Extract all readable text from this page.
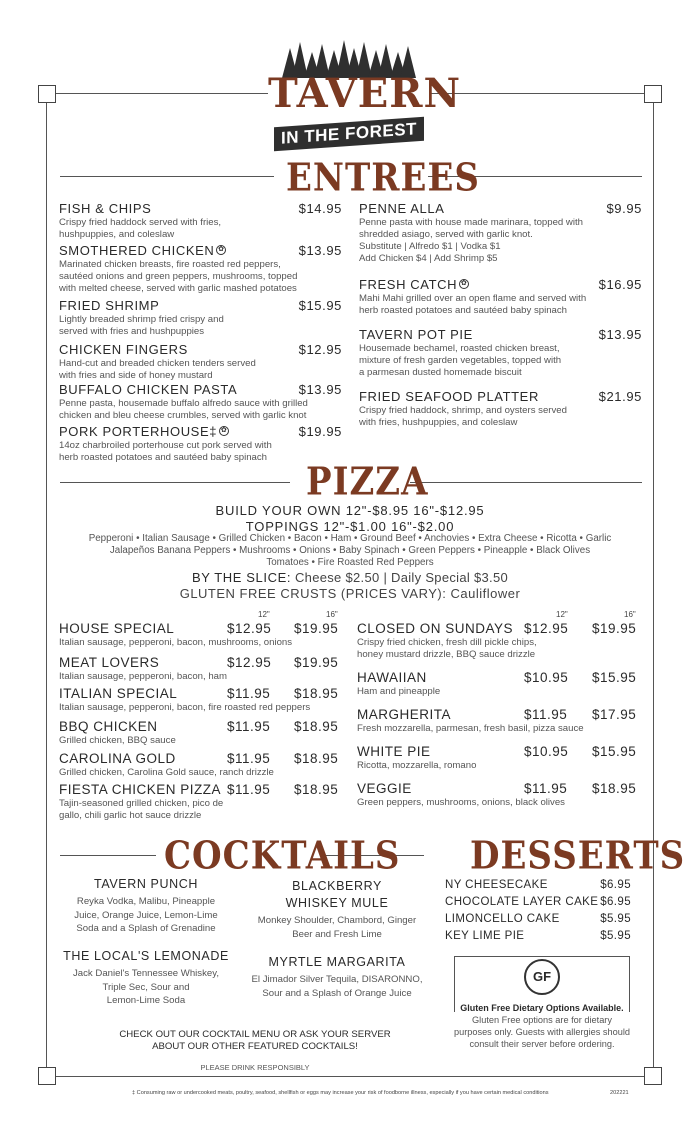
TAVERN
IN THE FOREST
ENTREES
FISH & CHIPS	$14.95
Crispy fried haddock served with fries,
hushpuppies, and coleslaw
SMOTHERED CHICKEN ✿	$13.95
Marinated chicken breasts, fire roasted red peppers,
sautéed onions and green peppers, mushrooms, topped
with melted cheese, served with garlic mashed potatoes
FRIED SHRIMP	$15.95
Lightly breaded shrimp fried crispy and
served with fries and hushpuppies
CHICKEN FINGERS	$12.95
Hand-cut and breaded chicken tenders served
with fries and side of honey mustard
BUFFALO CHICKEN PASTA	$13.95
Penne pasta, housemade buffalo alfredo sauce with grilled
chicken and bleu cheese crumbles, served with garlic knot
PORK PORTERHOUSE‡ ✿	$19.95
14oz charbroiled porterhouse cut pork served with
herb roasted potatoes and sautéed baby spinach
PENNE ALLA	$9.95
Penne pasta with house made marinara, topped with
shredded asiago, served with garlic knot.
Substitute | Alfredo $1 | Vodka $1
Add Chicken $4 | Add Shrimp $5
FRESH CATCH ✿	$16.95
Mahi Mahi grilled over an open flame and served with
herb roasted potatoes and sautéed baby spinach
TAVERN POT PIE	$13.95
Housemade bechamel, roasted chicken breast,
mixture of fresh garden vegetables, topped with
a parmesan dusted homemade biscuit
FRIED SEAFOOD PLATTER	$21.95
Crispy fried haddock, shrimp, and oysters served
with fries, hushpuppies, and coleslaw
PIZZA
BUILD YOUR OWN 12"-$8.95 16"-$12.95
TOPPINGS 12"-$1.00 16"-$2.00
Pepperoni • Italian Sausage • Grilled Chicken • Bacon • Ham • Ground Beef • Anchovies • Extra Cheese • Ricotta • Garlic
Jalapeños Banana Peppers • Mushrooms • Onions • Baby Spinach • Green Peppers • Pineapple • Black Olives
Tomatoes • Fire Roasted Red Peppers
BY THE SLICE: Cheese $2.50 | Daily Special $3.50
GLUTEN FREE CRUSTS (PRICES VARY): Cauliflower
12"	16"	12"	16"
HOUSE SPECIAL	$12.95 $19.95
Italian sausage, pepperoni, bacon, mushrooms, onions
MEAT LOVERS	$12.95 $19.95
Italian sausage, pepperoni, bacon, ham
ITALIAN SPECIAL	$11.95 $18.95
Italian sausage, pepperoni, bacon, fire roasted red peppers
BBQ CHICKEN	$11.95 $18.95
Grilled chicken, BBQ sauce
CAROLINA GOLD	$11.95 $18.95
Grilled chicken, Carolina Gold sauce, ranch drizzle
FIESTA CHICKEN PIZZA $11.95 $18.95
Tajin-seasoned grilled chicken, pico de
gallo, chili garlic hot sauce drizzle
CLOSED ON SUNDAYS $12.95 $19.95
Crispy fried chicken, fresh dill pickle chips,
honey mustard drizzle, BBQ sauce drizzle
HAWAIIAN	$10.95 $15.95
Ham and pineapple
MARGHERITA	$11.95 $17.95
Fresh mozzarella, parmesan, fresh basil, pizza sauce
WHITE PIE	$10.95 $15.95
Ricotta, mozzarella, romano
VEGGIE	$11.95 $18.95
Green peppers, mushrooms, onions, black olives
COCKTAILS
TAVERN PUNCH
Reyka Vodka, Malibu, Pineapple
Juice, Orange Juice, Lemon-Lime
Soda and a Splash of Grenadine
BLACKBERRY
WHISKEY MULE
Monkey Shoulder, Chambord, Ginger
Beer and Fresh Lime
THE LOCAL'S LEMONADE
Jack Daniel's Tennessee Whiskey,
Triple Sec, Sour and
Lemon-Lime Soda
MYRTLE MARGARITA
El Jimador Silver Tequila, DISARONNO,
Sour and a Splash of Orange Juice
CHECK OUT OUR COCKTAIL MENU OR ASK YOUR SERVER
ABOUT OUR OTHER FEATURED COCKTAILS!
PLEASE DRINK RESPONSIBLY
DESSERTS
NY CHEESECAKE	$6.95
CHOCOLATE LAYER CAKE $6.95
LIMONCELLO CAKE	$5.95
KEY LIME PIE	$5.95
GF
Gluten Free Dietary Options Available.
Gluten Free options are for dietary
purposes only. Guests with allergies should
consult their server before ordering.
‡ Consuming raw or undercooked meats, poultry, seafood, shellfish or eggs may increase your risk of foodborne illness, especially if you have certain medical conditions	202221
